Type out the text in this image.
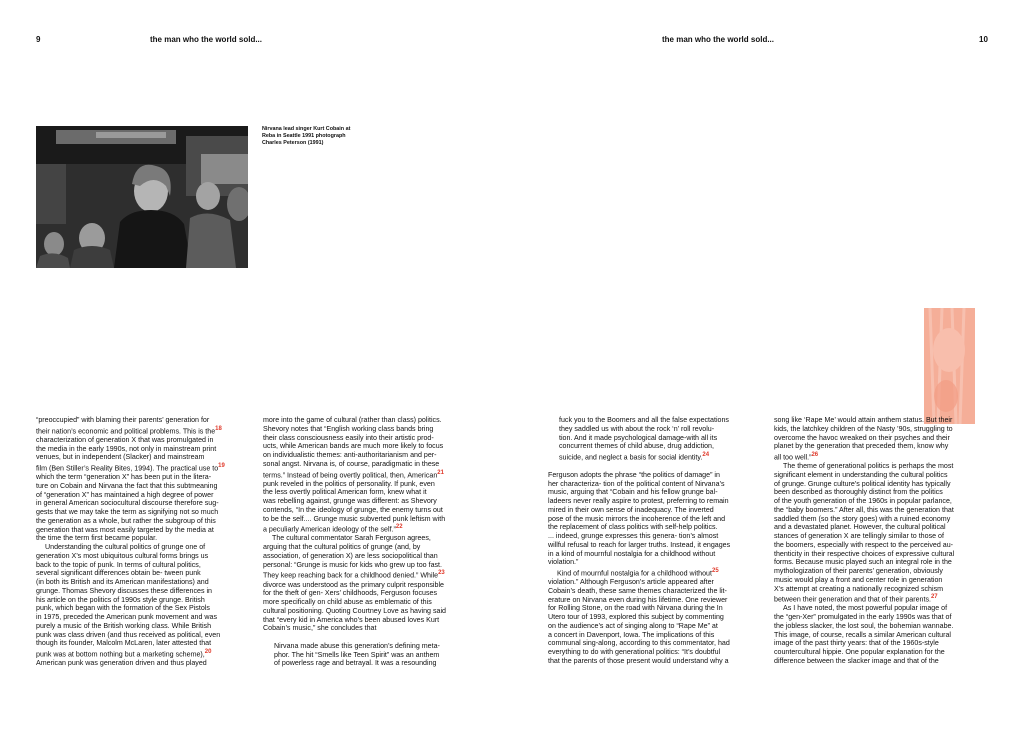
9	the man who the world sold...	the man who the world sold...	10
Nirvana lead singer Kurt Cobain at
Reba in Seattle 1991 photograph
Charles Peterson (1991)
“preoccupied” with blaming their parents’ generation for
their nation’s economic and political problems. This is the$^{18}$
characterization of generation X that was promulgated in
the media in the early 1990s, not only in mainstream print
venues, but in independent (Slacker) and mainstream
film (Ben Stiller’s Reality Bites, 1994). The practical use to$^{19}$
which the term “generation X” has been put in the litera-
ture on Cobain and Nirvana the fact that this subtmeaning
of “generation X” has maintained a high degree of power
in general American sociocultural discourse therefore sug-
gests that we may take the term as signifying not so much
the generation as a whole, but rather the subgroup of this
generation that was most easily targeted by the media at
the time the term first became popular.
Understanding the cultural politics of grunge one of
generation X’s most ubiquitous cultural forms brings us
back to the topic of punk. In terms of cultural politics,
several significant differences obtain be- tween punk
(in both its British and its American manifestations) and
grunge. Thomas Shevory discusses these differences in
his article on the politics of 1990s style grunge. British
punk, which began with the formation of the Sex Pistols
in 1975, preceded the American punk movement and was
purely a music of the British working class. While British
punk was class driven (and thus received as political, even
though its founder, Malcolm McLaren, later attested that
punk was at bottom nothing but a marketing scheme),$^{20}$
American punk was generation driven and thus played
more into the game of cultural (rather than class) politics.
Shevory notes that “English working class bands bring
their class consciousness easily into their artistic prod-
ucts, while American bands are much more likely to focus
on individualistic themes: anti-authoritarianism and per-
sonal angst. Nirvana is, of course, paradigmatic in these
terms.” Instead of being overtly political, then, American$^{21}$
punk reveled in the politics of personality. If punk, even
the less overtly political American form, knew what it
was rebelling against, grunge was different: as Shevory
contends, “In the ideology of grunge, the enemy turns out
to be the self.... Grunge music subverted punk leftism with
a peculiarly American ideology of the self.”$^{22}$
The cultural commentator Sarah Ferguson agrees,
arguing that the cultural politics of grunge (and, by
association, of generation X) are less sociopolitical than
personal: “Grunge is music for kids who grew up too fast.
They keep reaching back for a childhood denied.” While$^{23}$
divorce was understood as the primary culprit responsible
for the theft of gen- Xers’ childhoods, Ferguson focuses
more specifically on child abuse as emblematic of this
cultural positioning. Quoting Courtney Love as having said
that “every kid in America who’s been abused loves Kurt
Cobain’s music,” she concludes that
Nirvana made abuse this generation’s defining meta-
phor. The hit “Smells like Teen Spirit” was an anthem
of powerless rage and betrayal. It was a resounding
fuck you to the Boomers and all the false expectations
they saddled us with about the rock ‘n’ roll revolu-
tion. And it made psychological damage-with all its
concurrent themes of child abuse, drug addiction,
suicide, and neglect a basis for social identity.$^{24}$
Ferguson adopts the phrase “the politics of damage” in
her characteriza- tion of the political content of Nirvana’s
music, arguing that “Cobain and his fellow grunge bal-
ladeers never really aspire to protest, preferring to remain
mired in their own sense of inadequacy. The inverted
pose of the music mirrors the incoherence of the left and
the replacement of class politics with self-help politics.
... indeed, grunge expresses this genera- tion’s almost
willful refusal to reach for larger truths. Instead, it engages
in a kind of mournful nostalgia for a childhood without
violation.”
Kind of mournful nostalgia for a childhood without$^{25}$
violation.” Although Ferguson’s article appeared after
Cobain’s death, these same themes characterized the lit-
erature on Nirvana even during his lifetime. One reviewer
for Rolling Stone, on the road with Nirvana during the In
Utero tour of 1993, explored this subject by commenting
on the audience’s act of singing along to “Rape Me” at
a concert in Davenport, Iowa. The implications of this
communal sing-along, according to this commentator, had
everything to do with generational politics: “It’s doubtful
that the parents of those present would understand why a
song like ‘Rape Me’ would attain anthem status. But their
kids, the latchkey children of the Nasty ’90s, struggling to
overcome the havoc wreaked on their psyches and their
planet by the generation that preceded them, know why
all too well.”$^{26}$
The theme of generational politics is perhaps the most
significant element in understanding the cultural politics
of grunge. Grunge culture’s political identity has typically
been described as thoroughly distinct from the politics
of the youth generation of the 1960s in popular parlance,
the “baby boomers.” After all, this was the generation that
saddled them (so the story goes) with a ruined economy
and a devastated planet. However, the cultural political
stances of generation X are tellingly similar to those of
the boomers, especially with respect to the perceived au-
thenticity in their respective choices of expressive cultural
forms. Because music played such an integral role in the
mythologization of their parents’ generation, obviously
music would play a front and center role in generation
X’s attempt at creating a nationally recognized schism
between their generation and that of their parents.$^{27}$
As I have noted, the most powerful popular image of
the “gen-Xer” promulgated in the early 1990s was that of
the jobless slacker, the lost soul, the bohemian wannabe.
This image, of course, recalls a similar American cultural
image of the past thirty years: that of the 1960s-style
countercultural hippie. One popular explanation for the
difference between the slacker image and that of the
